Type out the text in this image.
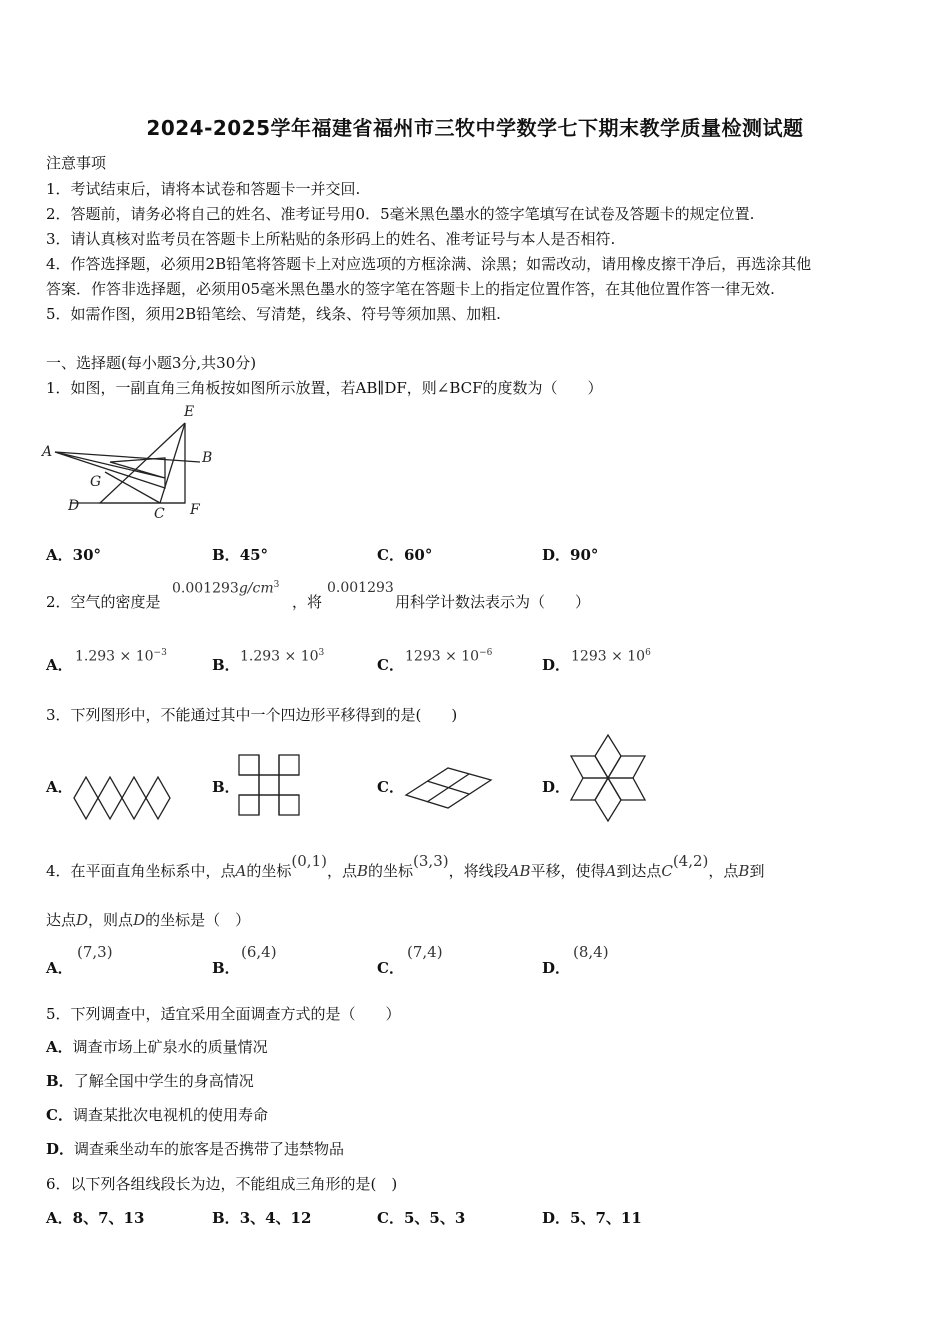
2024-2025学年福建省福州市三牧中学数学七下期末教学质量检测试题
注意事项
1．考试结束后，请将本试卷和答题卡一并交回.
2．答题前，请务必将自己的姓名、准考证号用0．5毫米黑色墨水的签字笔填写在试卷及答题卡的规定位置.
3．请认真核对监考员在答题卡上所粘贴的条形码上的姓名、准考证号与本人是否相符.
4．作答选择题，必须用2B铅笔将答题卡上对应选项的方框涂满、涂黑；如需改动，请用橡皮擦干净后，再选涂其他
答案．作答非选择题，必须用05毫米黑色墨水的签字笔在答题卡上的指定位置作答，在其他位置作答一律无效.
5．如需作图，须用2B铅笔绘、写清楚，线条、符号等须加黑、加粗.
一、选择题(每小题3分,共30分)
1．如图，一副直角三角板按如图所示放置，若AB∥DF，则∠BCF的度数为（　　）
E
A	B
G
D	C F
A．30°	B．45°	C．60°	D．90°
2．空气的密度是
$0.001293g/cm^3$
，将
0.001293
用科学计数法表示为（　　）
A． $1.293 \times 10^{-3}$
B． $1.293 \times 10^3$
C． $1293 \times 10^{-6}$
D． $1293 \times 10^6$
3．下列图形中，不能通过其中一个四边形平移得到的是(　　)
A．	B．	C．	D．
4．在平面直角坐标系中，点A的坐标(0,1)，点B的坐标(3,3)，将线段AB平移，使得A到达点C(4,2)，点B到
达点D，则点D的坐标是（　）
A．
(7,3)
B．
(6,4)
C．
(7,4)
D．
(8,4)
5．下列调查中，适宜采用全面调查方式的是（　　）
A．调查市场上矿泉水的质量情况
B．了解全国中学生的身高情况
C．调查某批次电视机的使用寿命
D．调查乘坐动车的旅客是否携带了违禁物品
6．以下列各组线段长为边，不能组成三角形的是(　)
A．8、7、13	B．3、4、12	C．5、5、3	D．5、7、11
